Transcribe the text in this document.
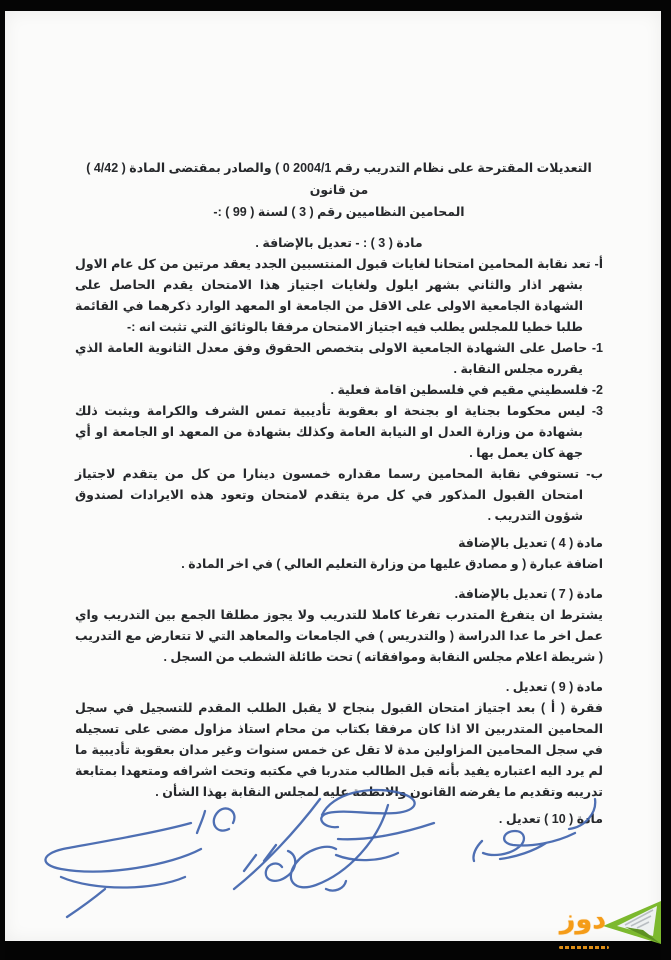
التعديلات المقترحة على نظام التدريب رقم 2004/1 0 ) والصادر بمقتضى المادة ( 4/42 ) من قانون
المحامين النظاميين رقم ( 3 ) لسنة ( 99 ) :-
مادة ( 3 ) : - تعديل بالإضافة .

أ- تعد نقابة المحامين امتحانا لغايات قبول المنتسبين الجدد يعقد مرتين من كل عام الاول بشهر اذار والثاني بشهر ايلول ولغايات اجتياز هذا الامتحان يقدم الحاصل على الشهادة الجامعية الاولى على الاقل من الجامعة او المعهد الوارد ذكرهما في القائمة طلبا خطيا للمجلس يطلب فيه اجتياز الامتحان مرفقا بالوثائق التي تثبت انه :-

1- حاصل على الشهادة الجامعية الاولى بتخصص الحقوق وفق معدل الثانوية العامة الذي يقرره مجلس النقابة .

2- فلسطيني مقيم في فلسطين اقامة فعلية .

3- ليس محكوما بجناية او بجنحة او بعقوبة تأديبية تمس الشرف والكرامة ويثبت ذلك بشهادة من وزارة العدل او النيابة العامة وكذلك بشهادة من المعهد او الجامعة او أي جهة كان يعمل بها .

ب- تستوفي نقابة المحامين رسما مقداره خمسون دينارا من كل من يتقدم لاجتياز امتحان القبول المذكور في كل مرة يتقدم لامتحان وتعود هذه الايرادات لصندوق شؤون التدريب .

مادة ( 4 ) تعديل بالإضافة

اضافة عبارة ( و مصادق عليها من وزارة التعليم العالي ) في اخر المادة .

مادة ( 7 ) تعديل بالإضافة.

يشترط ان يتفرغ المتدرب تفرغا كاملا للتدريب ولا يجوز مطلقا الجمع بين التدريب واي عمل اخر ما عدا الدراسة ( والتدريس ) في الجامعات والمعاهد التي لا تتعارض مع التدريب ( شريطة اعلام مجلس النقابة وموافقاته ) تحت طائلة الشطب من السجل .

مادة ( 9 ) تعديل .

فقرة ( أ ) بعد اجتياز امتحان القبول بنجاح لا يقبل الطلب المقدم للتسجيل في سجل المحامين المتدربين الا اذا كان مرفقا بكتاب من محام استاذ مزاول مضى على تسجيله في سجل المحامين المزاولين مدة لا تقل عن خمس سنوات وغير مدان بعقوبة تأديبية ما لم يرد اليه اعتباره يفيد بأنه قبل الطالب متدربا في مكتبه وتحت اشرافه ومتعهدا بمتابعة تدريبه وتقديم ما يفرضه القانون والانظمة عليه لمجلس النقابة بهذا الشأن .

مادة ( 10 ) تعديل .
دوز
